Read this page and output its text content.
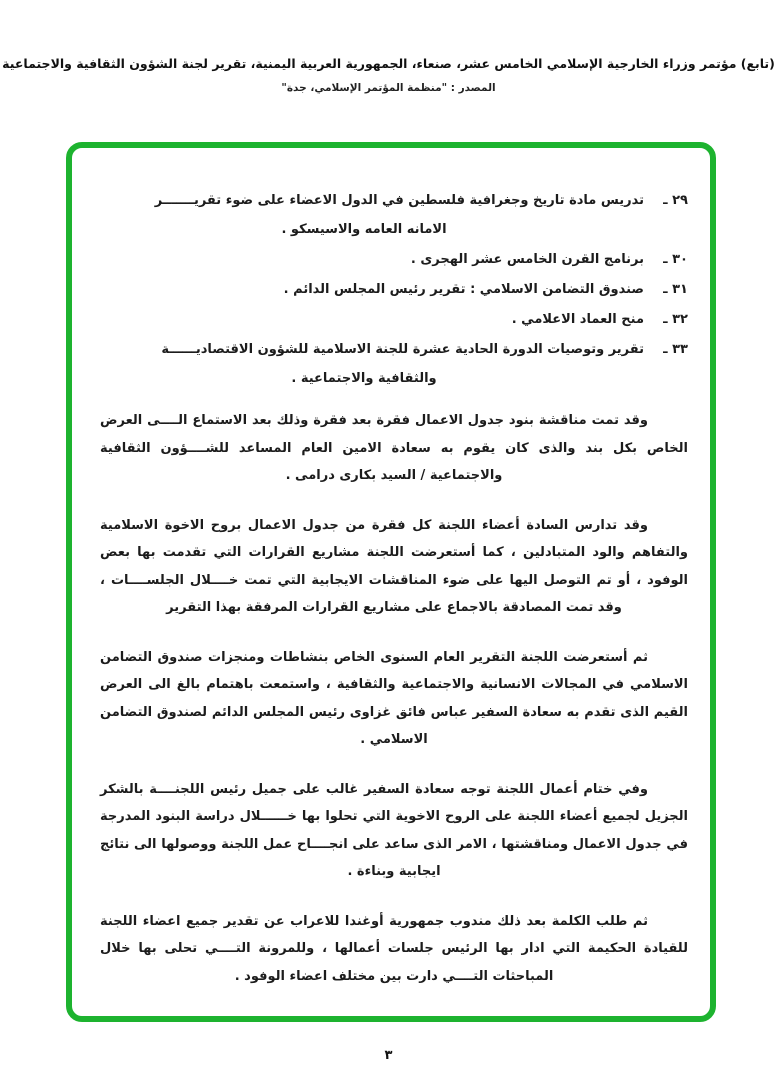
(تابع) مؤتمر وزراء الخارجية الإسلامي الخامس عشر، صنعاء، الجمهورية العربية اليمنية، تقرير لجنة الشؤون الثقافية والاجتماعية
المصدر : "منظمة المؤتمر الإسلامي، جدة"
٢٩ ـ
تدريس مادة تاريخ وجغرافية فلسطين في الدول الاعضاء على ضوء تقريـــــــر
الامانه العامه والاسيسكو .
٣٠ ـ
برنامج القرن الخامس عشر الهجرى .
٣١ ـ
صندوق التضامن الاسلامي : تقرير رئيس المجلس الدائم .
٣٢ ـ
منح العماد الاعلامي .
٣٣ ـ
تقرير وتوصيات الدورة الحادية عشرة للجنة الاسلامية للشؤون الاقتصاديــــــة
والثقافية والاجتماعية .
وقد تمت مناقشة بنود جدول الاعمال فقرة بعد فقرة وذلك بعد الاستماع الــــى العرض الخاص بكل بند والذى كان يقوم به سعادة الامين العام المساعد للشــــؤون الثقافية والاجتماعية / السيد بكارى درامى .
وقد تدارس السادة أعضاء اللجنة كل فقرة من جدول الاعمال بروح الاخوة الاسلامية والتفاهم والود المتبادلين ، كما أستعرضت اللجنة مشاريع القرارات التي تقدمت بها بعض الوفود ، أو تم التوصل اليها على ضوء المناقشات الايجابية التي تمت خــــلال الجلســــات ، وقد تمت المصادقة بالاجماع على مشاريع القرارات المرفقة بهذا التقرير
ثم أستعرضت اللجنة التقرير العام السنوى الخاص بنشاطات ومنجزات صندوق التضامن الاسلامي في المجالات الانسانية والاجتماعية والثقافية ، واستمعت باهتمام بالغ الى العرض القيم الذى تقدم به سعادة السفير عباس فائق غزاوى رئيس المجلس الدائم لصندوق التضامن الاسلامي .
وفي ختام أعمال اللجنة توجه سعادة السفير غالب على جميل رئيس اللجنــــة بالشكر الجزيل لجميع أعضاء اللجنة على الروح الاخوية التي تحلوا بها خــــــلال دراسة البنود المدرجة في جدول الاعمال ومناقشتها ، الامر الذى ساعد على انجــــاح عمل اللجنة ووصولها الى نتائج ايجابية وبناءة .
ثم طلب الكلمة بعد ذلك مندوب جمهورية أوغندا للاعراب عن تقدير جميع اعضاء اللجنة للقيادة الحكيمة التي ادار بها الرئيس جلسات أعمالها ، وللمرونة التــــي تحلى بها خلال المباحثات التــــي دارت بين مختلف اعضاء الوفود .
٣
